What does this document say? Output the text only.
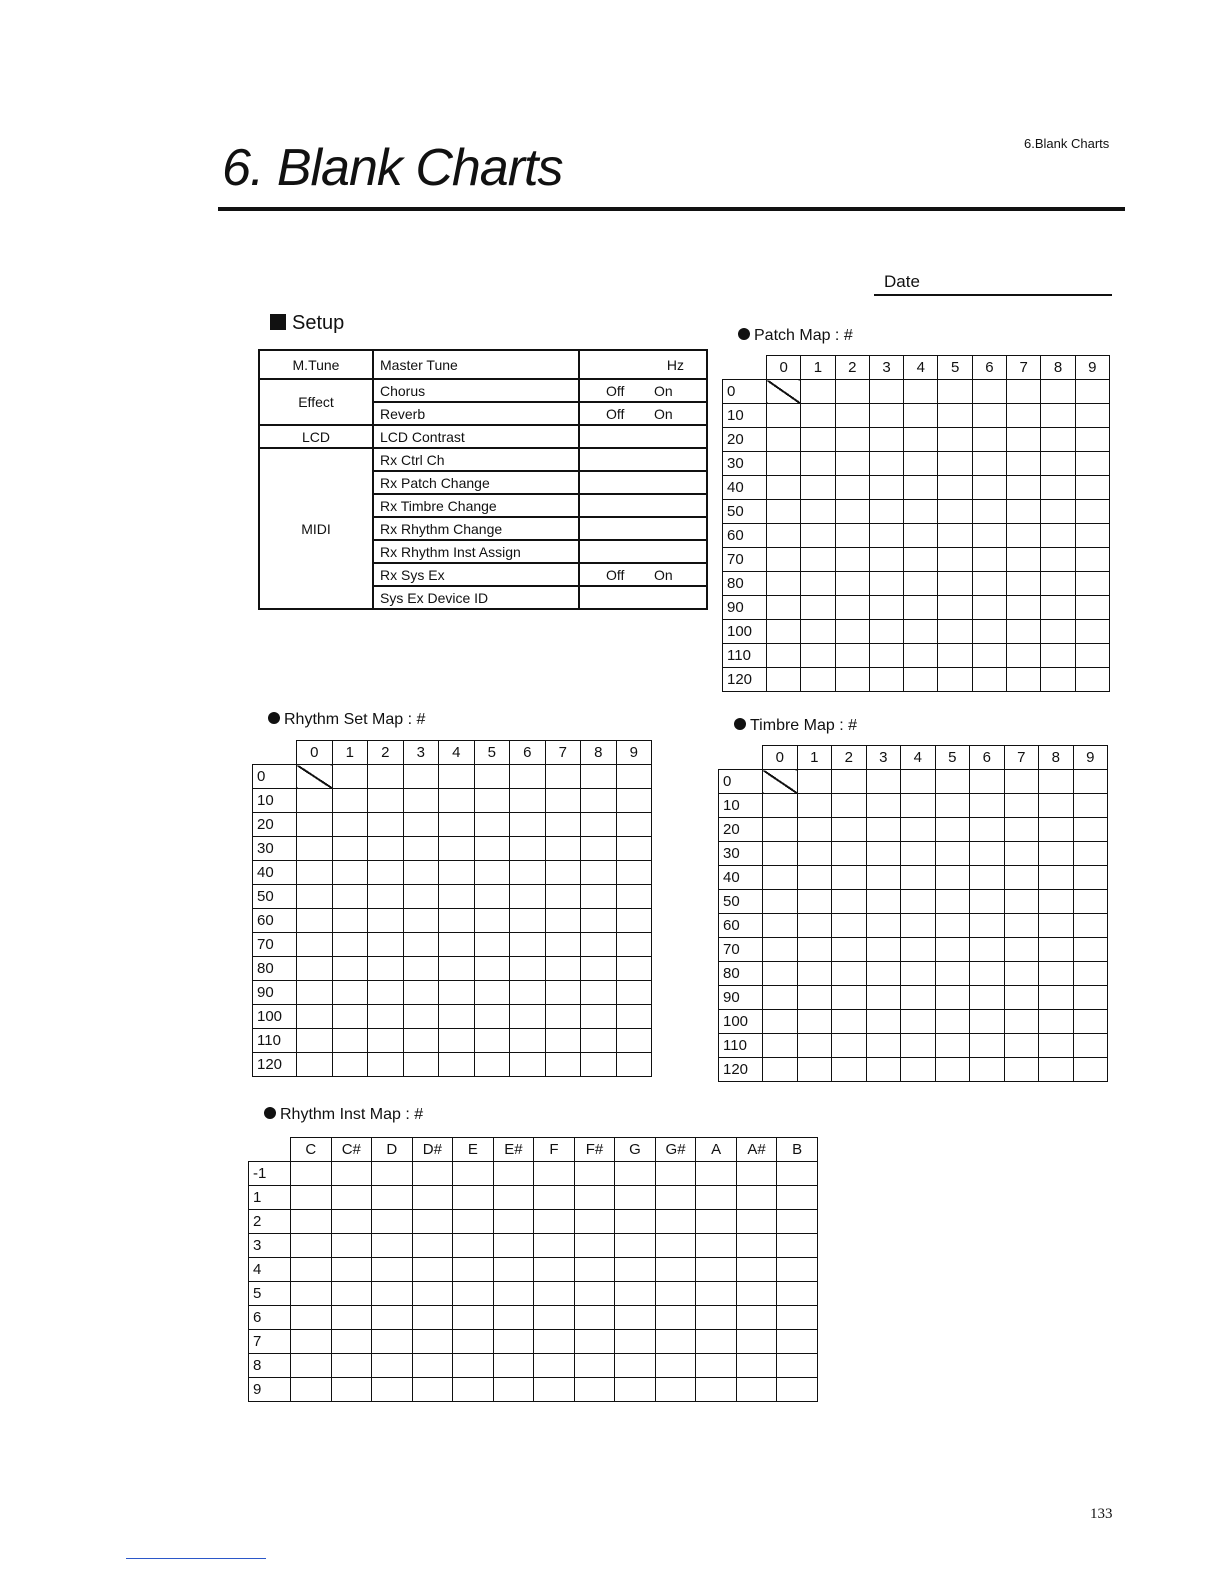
6. Blank Charts	6.Blank Charts
Date
Setup
M.Tune	Master Tune	Hz
Effect	Chorus	Off On
	Reverb	Off On
LCD	LCD Contrast	
MIDI	Rx Ctrl Ch	
	Rx Patch Change	
	Rx Timbre Change	
	Rx Rhythm Change	
	Rx Rhythm Inst Assign	
	Rx Sys Ex	Off On
	Sys Ex Device ID	
Patch Map : #
Rhythm Set Map : #	Timbre Map : #
Rhythm Inst Map : #
	0	1	2	3	4	5	6	7	8	9
0										
10										
20										
30										
40										
50										
60										
70										
80										
90										
100										
110										
120										
	0	1	2	3	4	5	6	7	8	9
0										
10										
20										
30										
40										
50										
60										
70										
80										
90										
100										
110										
120										
	0	1	2	3	4	5	6	7	8	9
0										
10										
20										
30										
40										
50										
60										
70										
80										
90										
100										
110										
120										
	C	C#	D	D#	E	E#	F	F#	G	G#	A	A#	B
-1													
1													
2													
3													
4													
5													
6													
7													
8													
9													
133
